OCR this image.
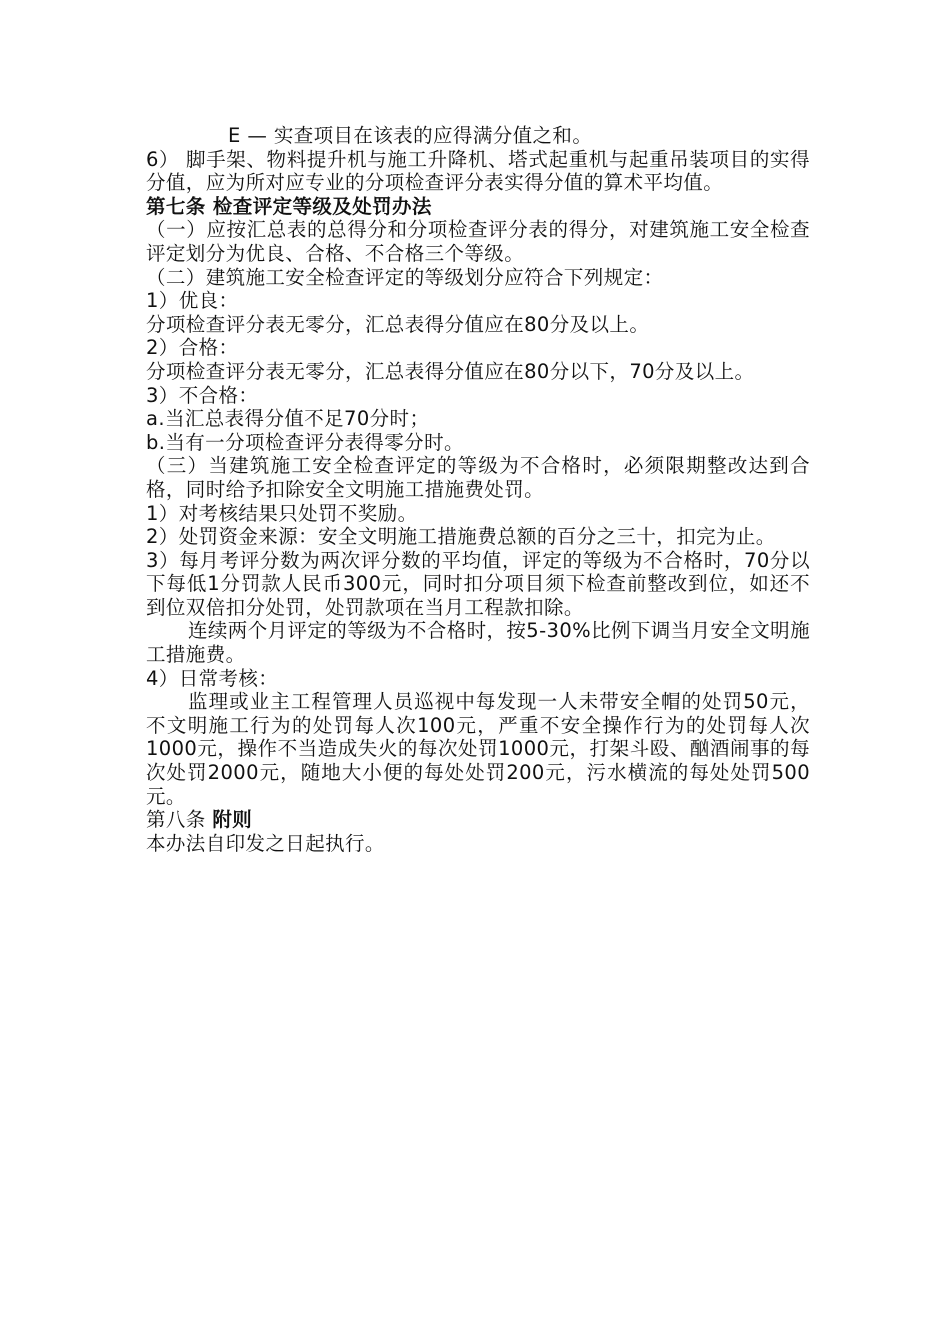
E — 实查项目在该表的应得满分值之和。

6） 脚手架、物料提升机与施工升降机、塔式起重机与起重吊装项目的实得分值，应为所对应专业的分项检查评分表实得分值的算术平均值。

第七条 检查评定等级及处罚办法

（一）应按汇总表的总得分和分项检查评分表的得分，对建筑施工安全检查评定划分为优良、合格、不合格三个等级。

（二）建筑施工安全检查评定的等级划分应符合下列规定：

1）优良：

分项检查评分表无零分，汇总表得分值应在80分及以上。

2）合格：

分项检查评分表无零分，汇总表得分值应在80分以下，70分及以上。

3）不合格：

a.当汇总表得分值不足70分时；

b.当有一分项检查评分表得零分时。

（三）当建筑施工安全检查评定的等级为不合格时，必须限期整改达到合格，同时给予扣除安全文明施工措施费处罚。

1）对考核结果只处罚不奖励。

2）处罚资金来源：安全文明施工措施费总额的百分之三十，扣完为止。

3）每月考评分数为两次评分数的平均值，评定的等级为不合格时，70分以下每低1分罚款人民币300元，同时扣分项目须下检查前整改到位，如还不到位双倍扣分处罚，处罚款项在当月工程款扣除。

连续两个月评定的等级为不合格时，按5-30%比例下调当月安全文明施工措施费。

4）日常考核：

监理或业主工程管理人员巡视中每发现一人未带安全帽的处罚50元，不文明施工行为的处罚每人次100元，严重不安全操作行为的处罚每人次1000元，操作不当造成失火的每次处罚1000元，打架斗殴、酗酒闹事的每次处罚2000元，随地大小便的每处处罚200元，污水横流的每处处罚500元。

第八条 附则

本办法自印发之日起执行。
